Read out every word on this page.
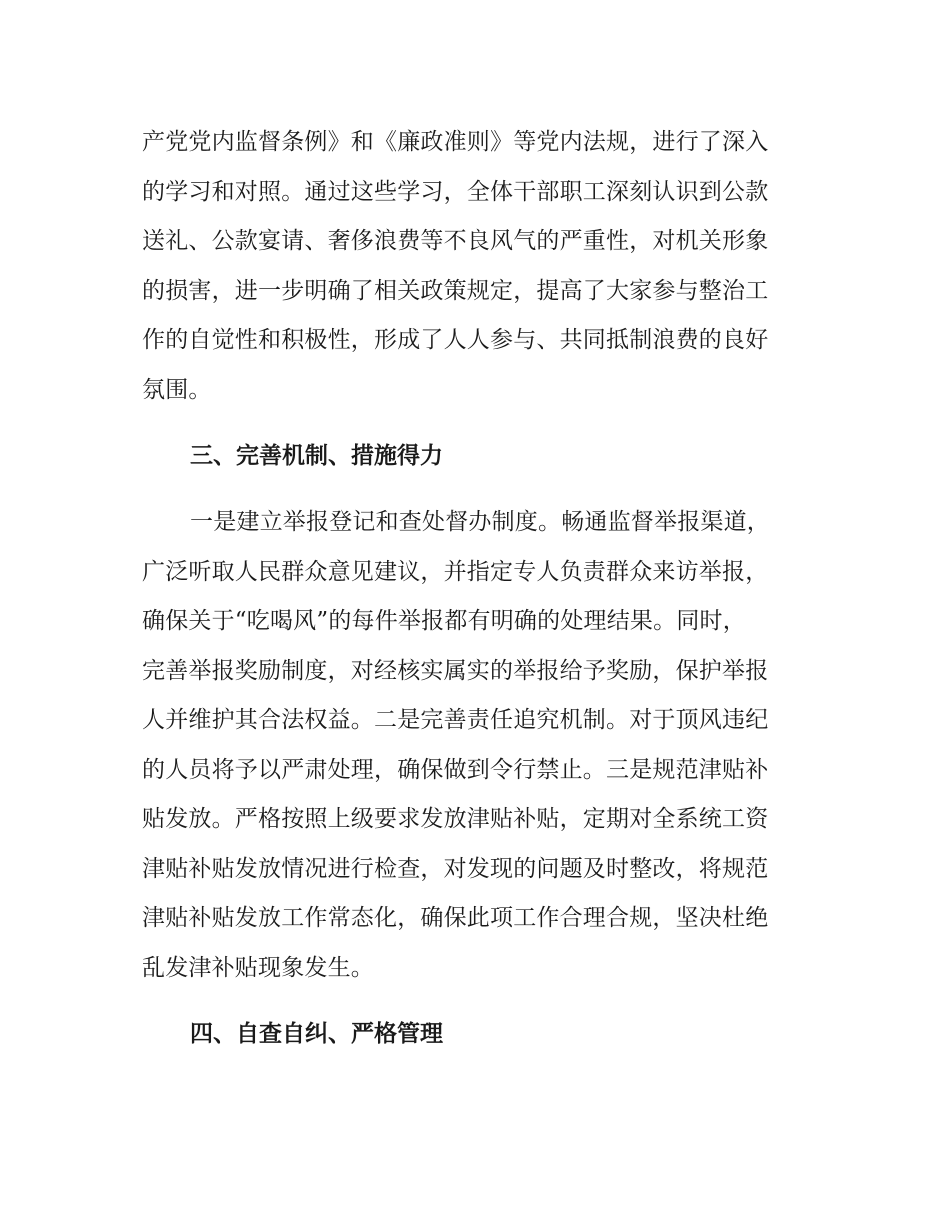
产党党内监督条例》和《廉政准则》等党内法规，进行了深入
的学习和对照。通过这些学习，全体干部职工深刻认识到公款
送礼、公款宴请、奢侈浪费等不良风气的严重性，对机关形象
的损害，进一步明确了相关政策规定，提高了大家参与整治工
作的自觉性和积极性，形成了人人参与、共同抵制浪费的良好
氛围。
三、完善机制、措施得力
一是建立举报登记和查处督办制度。畅通监督举报渠道，
广泛听取人民群众意见建议，并指定专人负责群众来访举报，
确保关于“吃喝风”的每件举报都有明确的处理结果。同时，
完善举报奖励制度，对经核实属实的举报给予奖励，保护举报
人并维护其合法权益。二是完善责任追究机制。对于顶风违纪
的人员将予以严肃处理，确保做到令行禁止。三是规范津贴补
贴发放。严格按照上级要求发放津贴补贴，定期对全系统工资
津贴补贴发放情况进行检查，对发现的问题及时整改，将规范
津贴补贴发放工作常态化，确保此项工作合理合规，坚决杜绝
乱发津补贴现象发生。
四、自查自纠、严格管理
